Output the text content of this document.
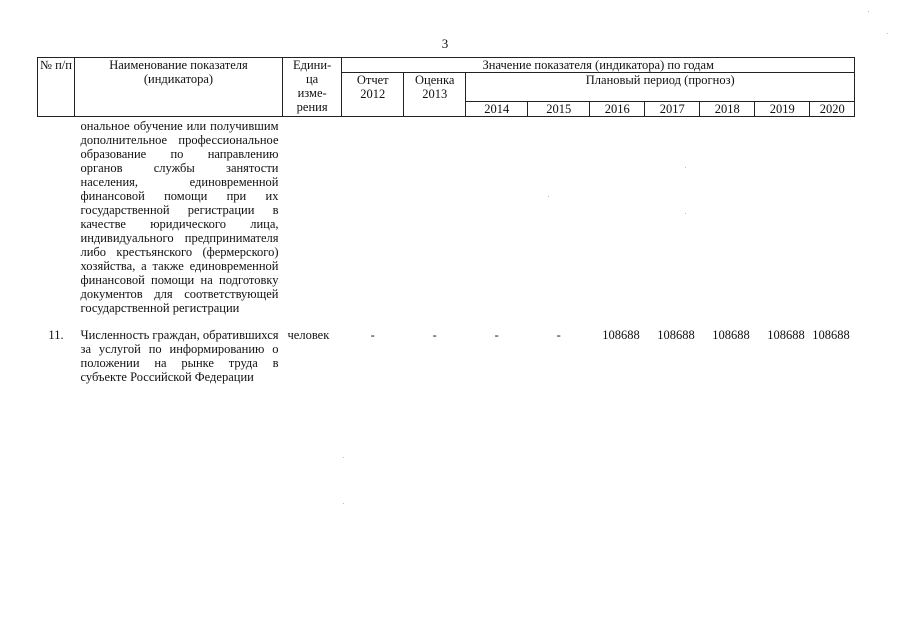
3
№ п/п	Наименование показателя (индикатора)	Едини-ца изме-рения	Значение показателя (индикатора) по годам								
			Отчет 2012	Оценка 2013	Плановый период (прогноз)						
					2014	2015	2016	2017	2018	2019	2020
	ональное обучение или получившим дополнительное профессиональное образование по направлению органов службы занятости населения, единовременной финансовой помощи при их государственной регистрации в качестве юридического лица, индивидуального предпринимателя либо крестьянского (фермерского) хозяйства, а также единовременной финансовой помощи на подготовку документов для соответствующей государственной регистрации										
11.	Численность граждан, обратившихся за услугой по информированию о положении на рынке труда в субъекте Российской Федерации	человек	-	-	-	-	108688	108688	108688	108688	108688
